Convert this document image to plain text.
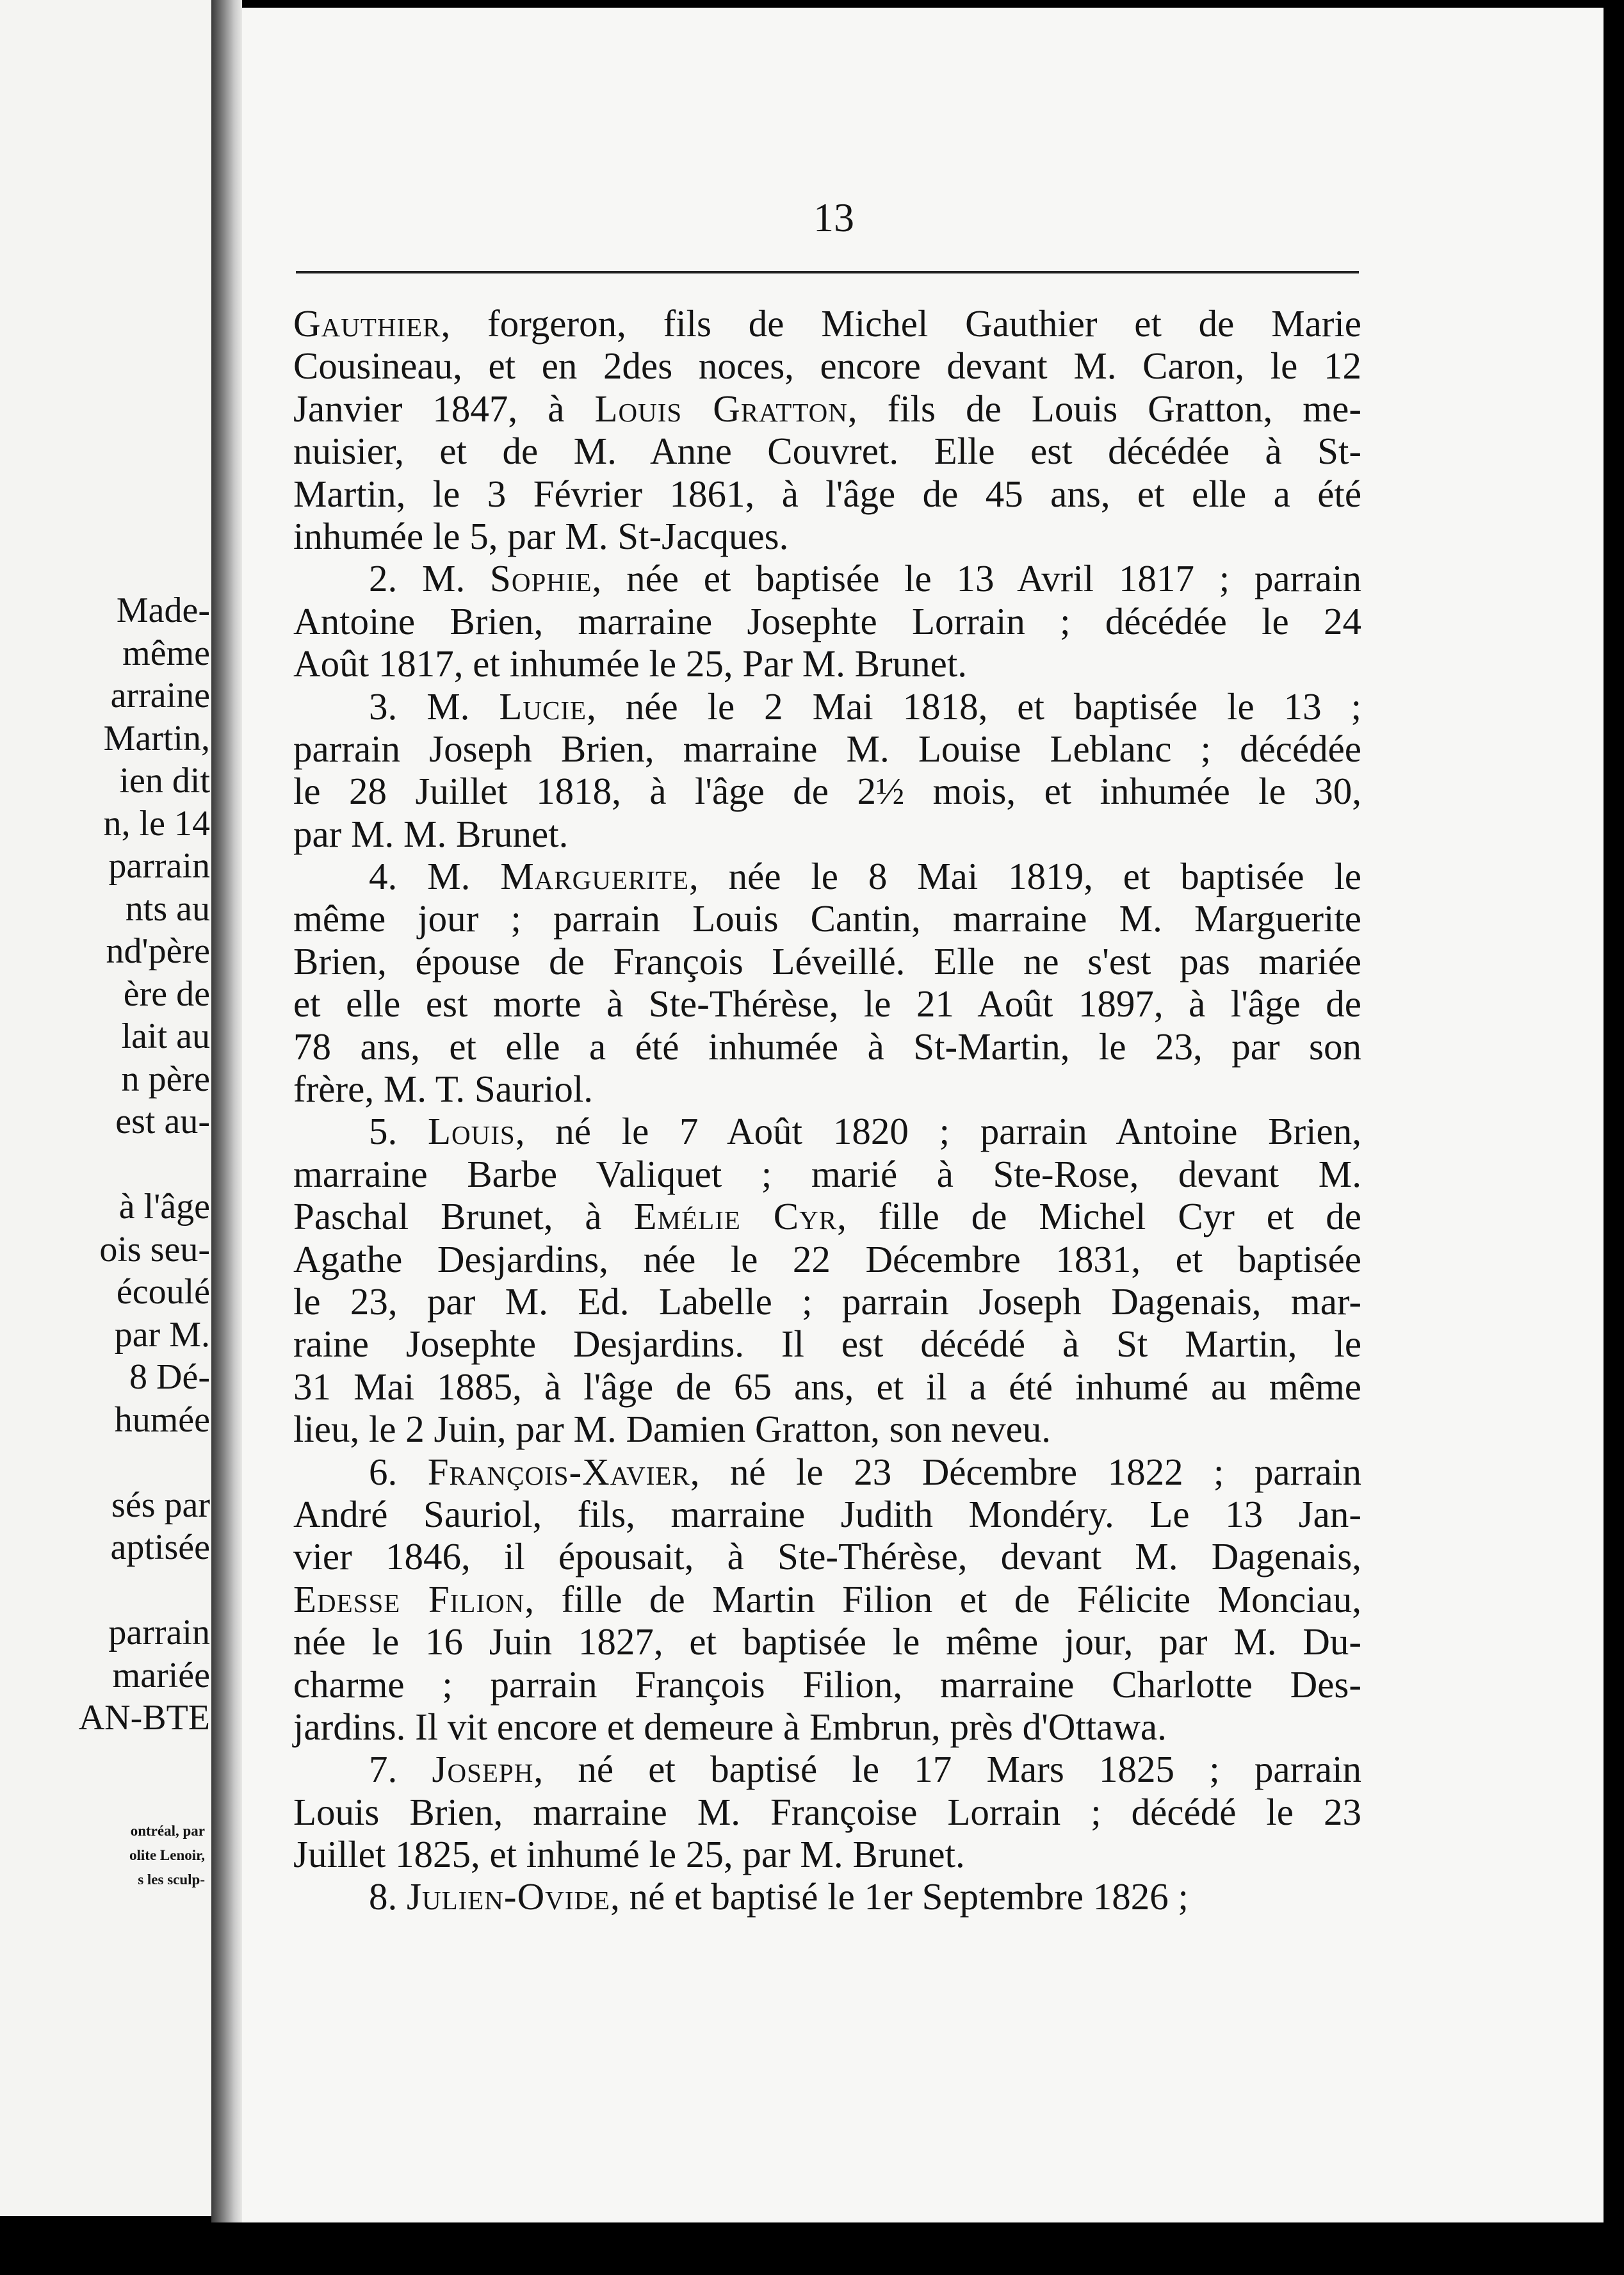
Made-
même
arraine
Martin,
ien dit
n, le 14
parrain
nts au
nd'père
ère de
lait au
n père
est au-

à l'âge
ois seu-
écoulé
par M.
8 Dé-
humée

sés par
aptisée

parrain
mariée
AN-BTE
ontréal, par
olite Lenoir,
s les sculp-
13
Gauthier, forgeron, fils de Michel Gauthier et de Marie
Cousineau, et en 2des noces, encore devant M. Caron, le 12
Janvier 1847, à Louis Gratton, fils de Louis Gratton, me-
nuisier, et de M. Anne Couvret. Elle est décédée à St-
Martin, le 3 Février 1861, à l'âge de 45 ans, et elle a été
inhumée le 5, par M. St-Jacques.
2. M. Sophie, née et baptisée le 13 Avril 1817 ; parrain
Antoine Brien, marraine Josephte Lorrain ; décédée le 24
Août 1817, et inhumée le 25, Par M. Brunet.
3. M. Lucie, née le 2 Mai 1818, et baptisée le 13 ;
parrain Joseph Brien, marraine M. Louise Leblanc ; décédée
le 28 Juillet 1818, à l'âge de 2½ mois, et inhumée le 30,
par M. M. Brunet.
4. M. Marguerite, née le 8 Mai 1819, et baptisée le
même jour ; parrain Louis Cantin, marraine M. Marguerite
Brien, épouse de François Léveillé. Elle ne s'est pas mariée
et elle est morte à Ste-Thérèse, le 21 Août 1897, à l'âge de
78 ans, et elle a été inhumée à St-Martin, le 23, par son
frère, M. T. Sauriol.
5. Louis, né le 7 Août 1820 ; parrain Antoine Brien,
marraine Barbe Valiquet ; marié à Ste-Rose, devant M.
Paschal Brunet, à Emélie Cyr, fille de Michel Cyr et de
Agathe Desjardins, née le 22 Décembre 1831, et baptisée
le 23, par M. Ed. Labelle ; parrain Joseph Dagenais, mar-
raine Josephte Desjardins. Il est décédé à St Martin, le
31 Mai 1885, à l'âge de 65 ans, et il a été inhumé au même
lieu, le 2 Juin, par M. Damien Gratton, son neveu.
6. François-Xavier, né le 23 Décembre 1822 ; parrain
André Sauriol, fils, marraine Judith Mondéry. Le 13 Jan-
vier 1846, il épousait, à Ste-Thérèse, devant M. Dagenais,
Edesse Filion, fille de Martin Filion et de Félicite Monciau,
née le 16 Juin 1827, et baptisée le même jour, par M. Du-
charme ; parrain François Filion, marraine Charlotte Des-
jardins. Il vit encore et demeure à Embrun, près d'Ottawa.
7. Joseph, né et baptisé le 17 Mars 1825 ; parrain
Louis Brien, marraine M. Françoise Lorrain ; décédé le 23
Juillet 1825, et inhumé le 25, par M. Brunet.
8. Julien-Ovide, né et baptisé le 1er Septembre 1826 ;
